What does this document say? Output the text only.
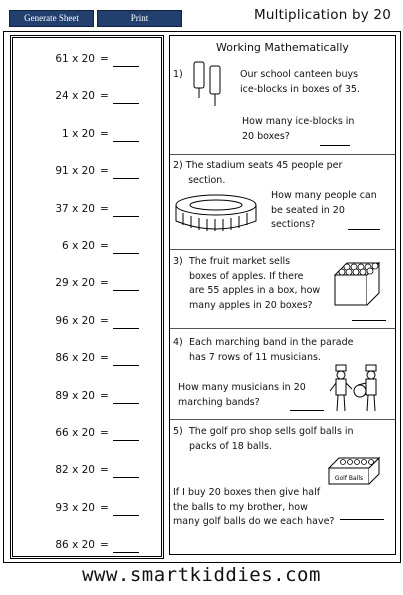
Generate Sheet	Print	Multiplication by 20
61 x 20 =
24 x 20 =
1 x 20 =
91 x 20 =
37 x 20 =
6 x 20 =
29 x 20 =
96 x 20 =
86 x 20 =
89 x 20 =
66 x 20 =
82 x 20 =
93 x 20 =
86 x 20 =
Working Mathematically
1)	Our school canteen buys
ice-blocks in boxes of 35.
How many ice-blocks in
20 boxes?
2) The stadium seats 45 people per
section.
How many people can
be seated in 20
sections?
3) The fruit market sells
boxes of apples. If there
are 55 apples in a box, how
many apples in 20 boxes?
4) Each marching band in the parade
has 7 rows of 11 musicians.
How many musicians in 20
marching bands?
5) The golf pro shop sells golf balls in
packs of 18 balls.
Golf Balls
If I buy 20 boxes then give half
the balls to my brother, how
many golf balls do we each have?
www.smartkiddies.com
